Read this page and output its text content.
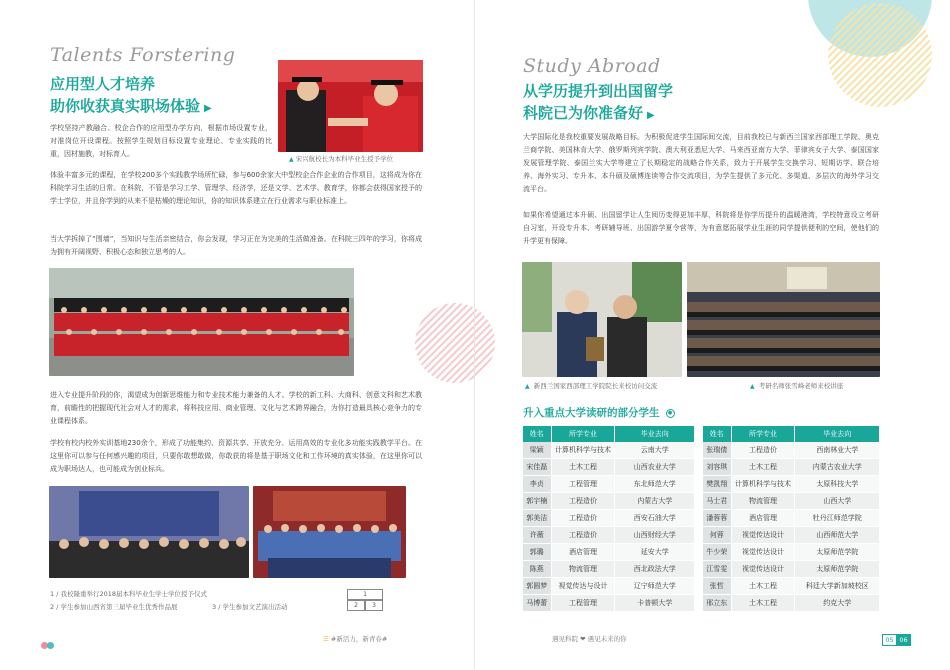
Talents Forstering
应用型人才培养
助你收获真实职场体验 ▶
▲ 宋兴航校长为本科毕业生授予学位
学校坚持产教融合、校企合作的应用型办学方向，根据市场设置专业，对准岗位开设课程。按照学生规划目标设置专业理论、专业实践的比重，因材施教，对标育人。
体验丰富多元的课程，在学校200多个实践教学场所忙碌，参与600余家大中型校企合作企业的合作项目，这将成为你在科院学习生活的日常。在科院，不管是学习工学、管理学、经济学，还是文学、艺术学、教育学，你都会获得国家授予的学士学位，并且你学到的从来不是枯燥的理论知识，你的知识体系建立在行业需求与职业标准上。
当大学拆掉了“围墙”，当知识与生活亲密结合，你会发现，学习正在为完美的生活做准备。在科院三四年的学习，你将成为拥有开阔视野、积极心态和独立思考的人。
进入专业提升阶段的你，渴望成为创新思维能力和专业技术能力兼备的人才。学校的新工科、大商科、创意文科和艺术教育，前瞻性的把握现代社会对人才的需求，将科技应用、商业管理、文化与艺术跨界融合，为你打造最具核心竞争力的专业课程体系。
学校有校内校外实训基地230余个，形成了功能集约、资源共享、开放充分、运用高效的专业化多功能实践教学平台。在这里你可以参与任何感兴趣的项目，只要你敢想敢做，你敢获的将是基于职场文化和工作环境的真实体验，在这里你可以成为职场达人，也可能成为创业标兵。
1 / 我校隆重举行2018届本科毕业生学士学位授予仪式
2 / 学生参加山西省第三届毕业生优秀作品展	3 / 学生参加文艺演出活动
1
2	3
☰ #新活力，新青春#
Study Abroad
从学历提升到出国留学
科院已为你准备好 ▶
大学国际化是我校重要发展战略目标。为积极促进学生国际间交流，目前我校已与新西兰国家西部理工学院、奥克兰商学院、美国林肯大学、俄罗斯列宾学院、澳大利亚悉尼大学、马来西亚南方大学、菲律宾女子大学、泰国国家发展管理学院、泰国兰实大学等建立了长期稳定的战略合作关系，致力于开展学生交换学习、短期访学、联合培养、海外实习、专升本、本升硕及硕博连读等合作交流项目，为学生提供了多元化、多渠道、多层次的海外学习交流平台。
如果你希望通过本升硕、出国留学让人生阅历变得更加丰厚，科院将是你学历提升的温暖港湾，学校特意设立考研自习室，开设专升本、考研辅导班、出国游学夏令营等，为有意愿拓展学业生涯的同学提供便利的空间，使他们的升学更有保障。
▲ 新西兰国家西部理工学院院长来校访问交流	▲ 考研名师张雪峰老师来校讲座
升入重点大学读研的部分学生 ●
姓名	所学专业	毕业去向
梁颖	计算机科学与技术	云南大学
宋佳磊	土木工程	山西农业大学
李贞	工程管理	东北师范大学
郭宇楠	工程造价	内蒙古大学
郭美洁	工程造价	西安石油大学
许薇	工程造价	山西财经大学
郭璐	酒店管理	延安大学
陈燕	物流管理	西北政法大学
郭圆梦	视觉传达与设计	辽宁师范大学
马博蕾	工程管理	卡普顿大学
姓名	所学专业	毕业去向
张瑞倩	工程造价	西南林业大学
刘容琪	土木工程	内蒙古农业大学
樊凯翔	计算机科学与技术	太原科技大学
马士君	物流管理	山西大学
潘蓉蓉	酒店管理	牡丹江师范学院
何蓉	视觉传达设计	山西师范大学
牛少荣	视觉传达设计	太原师范学院
江雪雯	视觉传达设计	太原师范学院
张哲	土木工程	科廷大学新加坡校区
邢立东	土木工程	约克大学
遇见科院 ❤ 遇见未来的你	05 06
